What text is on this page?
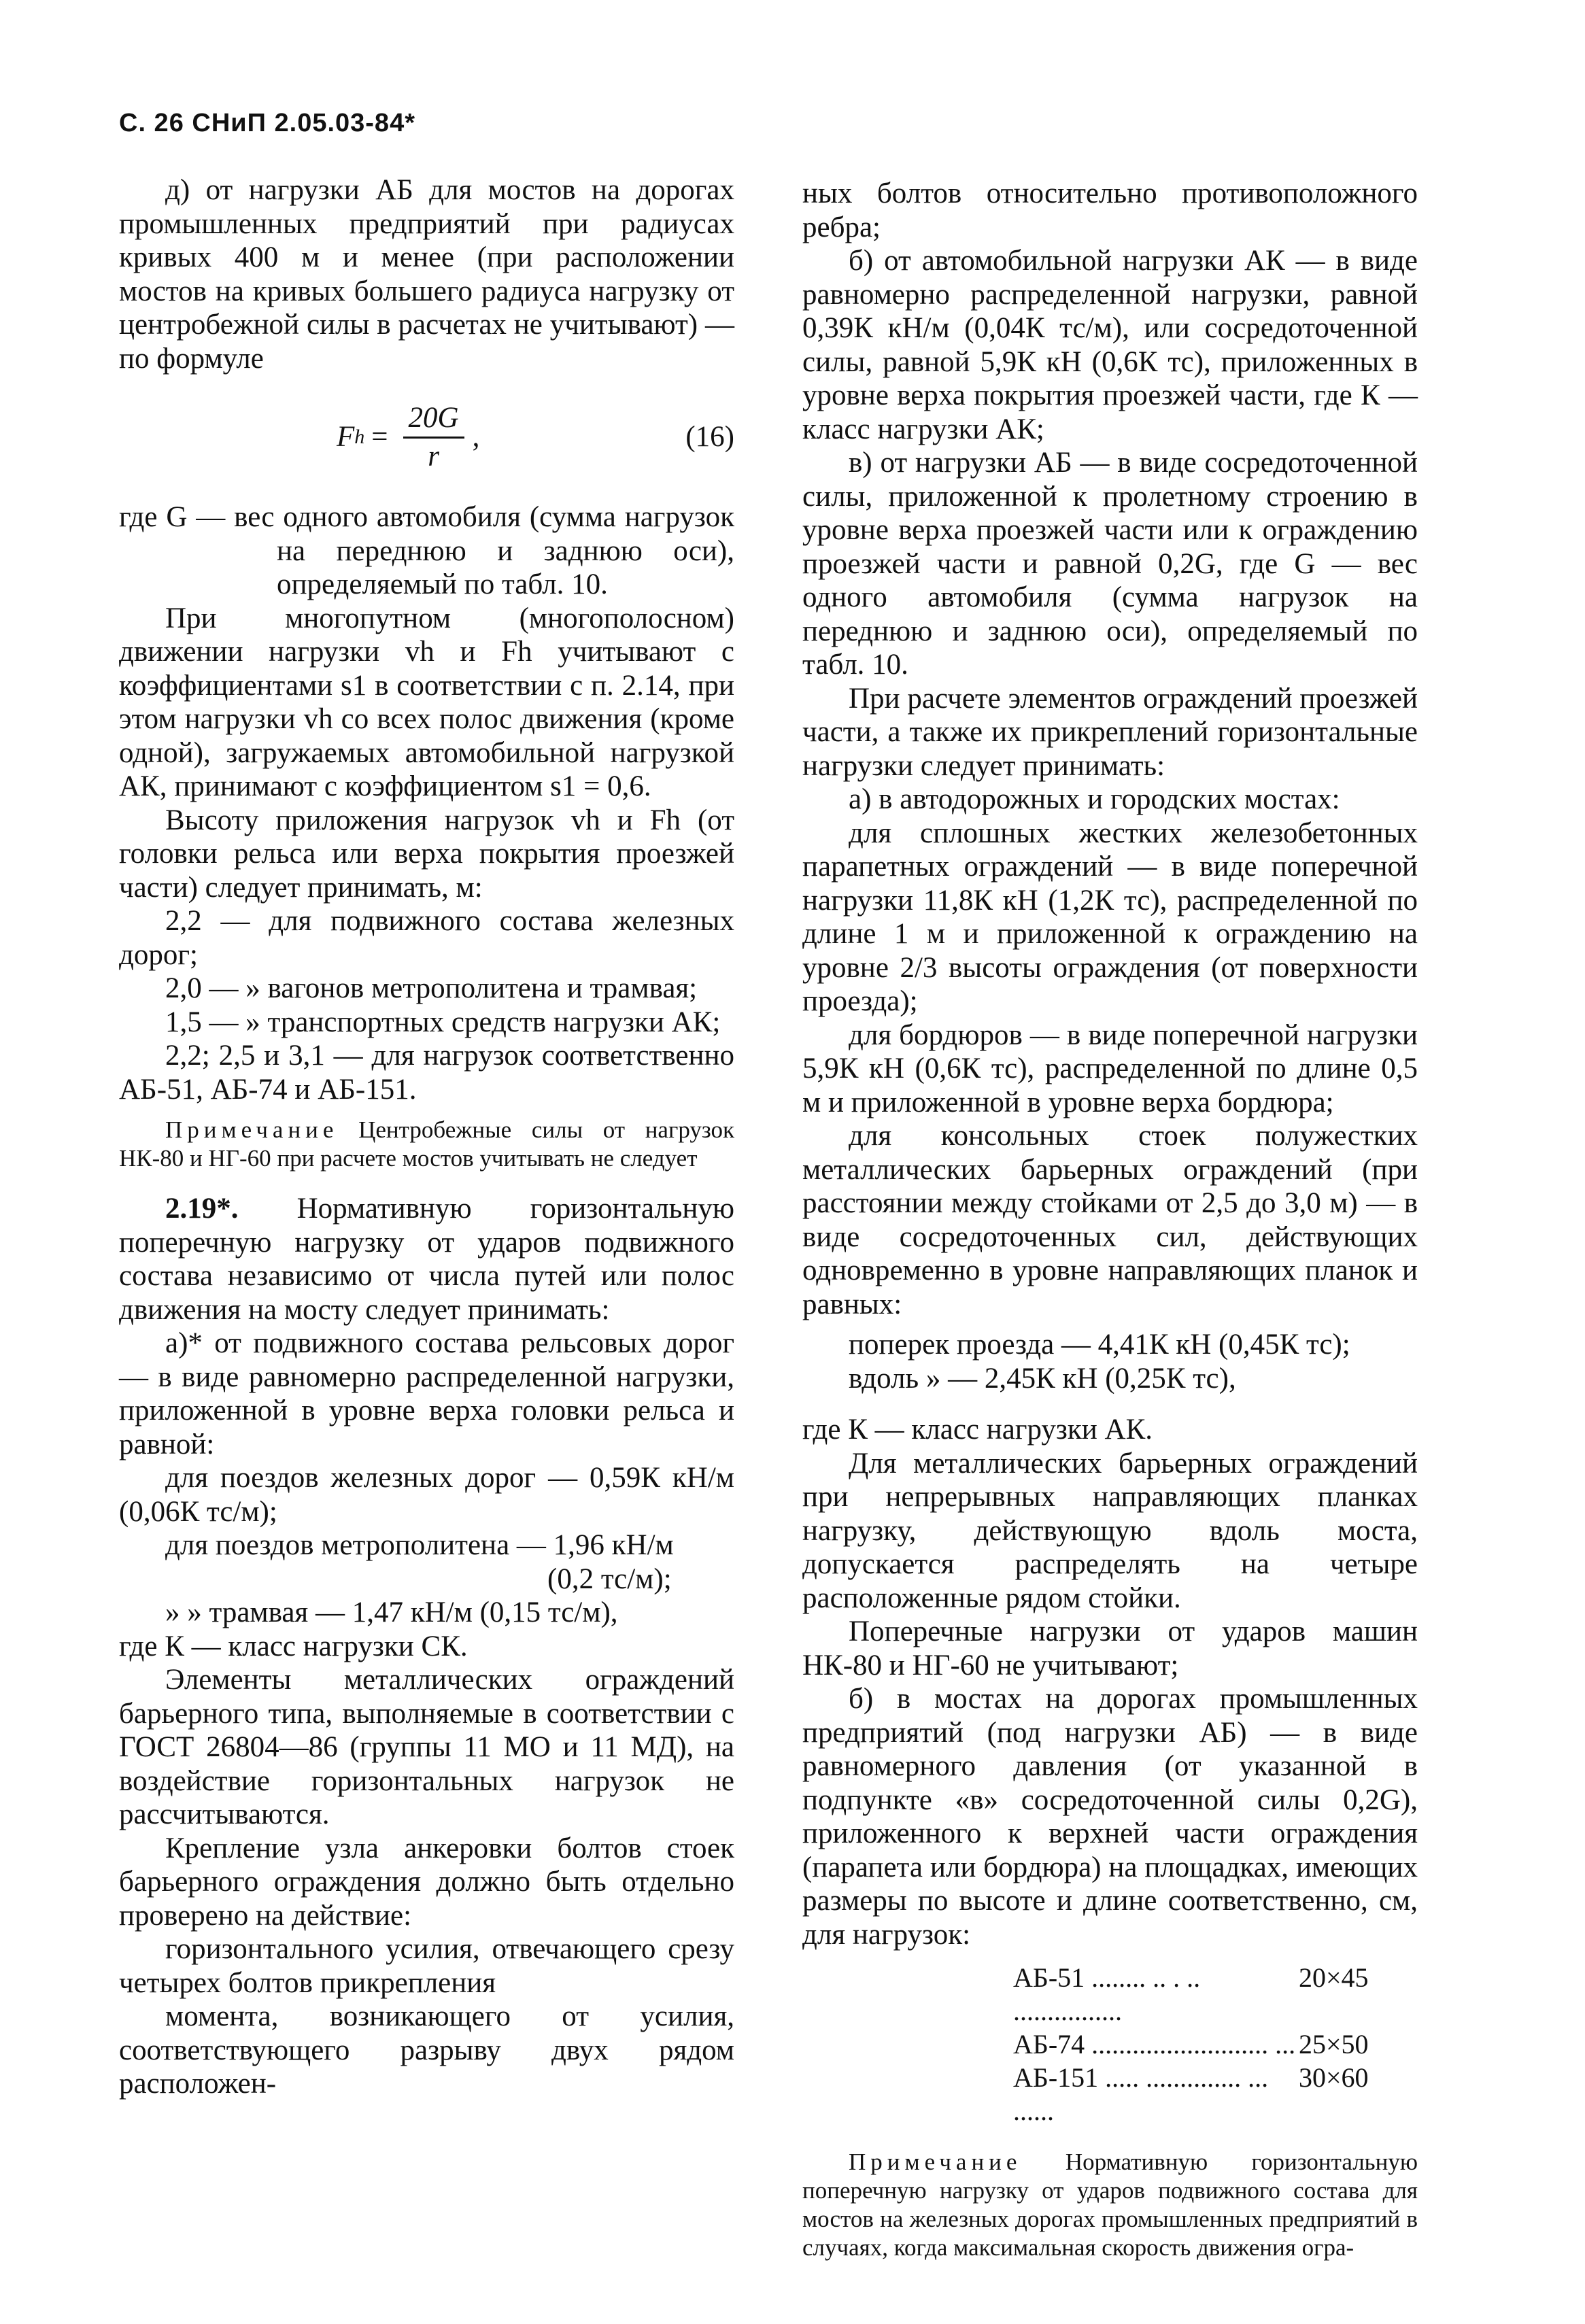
С. 26 СНиП 2.05.03-84*

д) от нагрузки АБ для мостов на дорогах промышленных предприятий при радиусах кривых 400 м и менее (при расположении мостов на кривых большего радиуса нагрузку от центробежной силы в расчетах не учитывают) — по формуле

F $h = \frac{20G}{r}$ ,	(16)

где G — вес одного автомобиля (сумма нагрузок на переднюю и заднюю оси), определяемый по табл. 10.

При многопутном (многополосном) движении нагрузки vh и Fh учитывают с коэффициентами s1 в соответствии с п. 2.14, при этом нагрузки vh со всех полос движения (кроме одной), загружаемых автомобильной нагрузкой АК, принимают с коэффициентом s1 = 0,6.

Высоту приложения нагрузок vh и Fh (от головки рельса или верха покрытия проезжей части) следует принимать, м:

2,2 — для подвижного состава железных дорог;

2,0 — » вагонов метрополитена и трамвая;

1,5 — » транспортных средств нагрузки АК;

2,2; 2,5 и 3,1 — для нагрузок соответственно АБ-51, АБ-74 и АБ-151.

Примечание Центробежные силы от нагрузок НК-80 и НГ-60 при расчете мостов учитывать не следует

2.19*. Нормативную горизонтальную поперечную нагрузку от ударов подвижного состава независимо от числа путей или полос движения на мосту следует принимать:

а)* от подвижного состава рельсовых дорог — в виде равномерно распределенной нагрузки, приложенной в уровне верха головки рельса и равной:

для поездов железных дорог — 0,59К кН/м (0,06К тс/м);

для поездов метрополитена — 1,96 кН/м

(0,2 тс/м);

» » трамвая — 1,47 кН/м (0,15 тс/м),

где К — класс нагрузки СК.

Элементы металлических ограждений барьерного типа, выполняемые в соответствии с ГОСТ 26804—86 (группы 11 МО и 11 МД), на воздействие горизонтальных нагрузок не рассчитываются.

Крепление узла анкеровки болтов стоек барьерного ограждения должно быть отдельно проверено на действие:

горизонтального усилия, отвечающего срезу четырех болтов прикрепления

момента, возникающего от усилия, соответствующего разрыву двух рядом расположен-

ных болтов относительно противоположного ребра;

б) от автомобильной нагрузки АК — в виде равномерно распределенной нагрузки, равной 0,39К кН/м (0,04К тс/м), или сосредоточенной силы, равной 5,9К кН (0,6К тс), приложенных в уровне верха покрытия проезжей части, где К — класс нагрузки АК;

в) от нагрузки АБ — в виде сосредоточенной силы, приложенной к пролетному строению в уровне верха проезжей части или к ограждению проезжей части и равной 0,2G, где G — вес одного автомобиля (сумма нагрузок на переднюю и заднюю оси), определяемый по табл. 10.

При расчете элементов ограждений проезжей части, а также их прикреплений горизонтальные нагрузки следует принимать:

а) в автодорожных и городских мостах:

для сплошных жестких железобетонных парапетных ограждений — в виде поперечной нагрузки 11,8К кН (1,2К тс), распределенной по длине 1 м и приложенной к ограждению на уровне 2/3 высоты ограждения (от поверхности проезда);

для бордюров — в виде поперечной нагрузки 5,9К кН (0,6К тс), распределенной по длине 0,5 м и приложенной в уровне верха бордюра;

для консольных стоек полужестких металлических барьерных ограждений (при расстоянии между стойками от 2,5 до 3,0 м) — в виде сосредоточенных сил, действующих одновременно в уровне направляющих планок и равных:

поперек проезда — 4,41К кН (0,45К тс);

вдоль » — 2,45К кН (0,25К тс),

где К — класс нагрузки АК.

Для металлических барьерных ограждений при непрерывных направляющих планках нагрузку, действующую вдоль моста, допускается распределять на четыре расположенные рядом стойки.

Поперечные нагрузки от ударов машин НК-80 и НГ-60 не учитывают;

б) в мостах на дорогах промышленных предприятий (под нагрузки АБ) — в виде равномерного давления (от указанной в подпункте «в» сосредоточенной силы 0,2G), приложенного к верхней части ограждения (парапета или бордюра) на площадках, имеющих размеры по высоте и длине соответственно, см, для нагрузок:

АБ-51 ........ .. . .. ................
20×45
АБ-74 .......................... ... 25×50
АБ-151 ..... .............. ... ......
30×60

Примечание Нормативную горизонтальную поперечную нагрузку от ударов подвижного состава для мостов на железных дорогах промышленных предприятий в случаях, когда максимальная скорость движения огра-
